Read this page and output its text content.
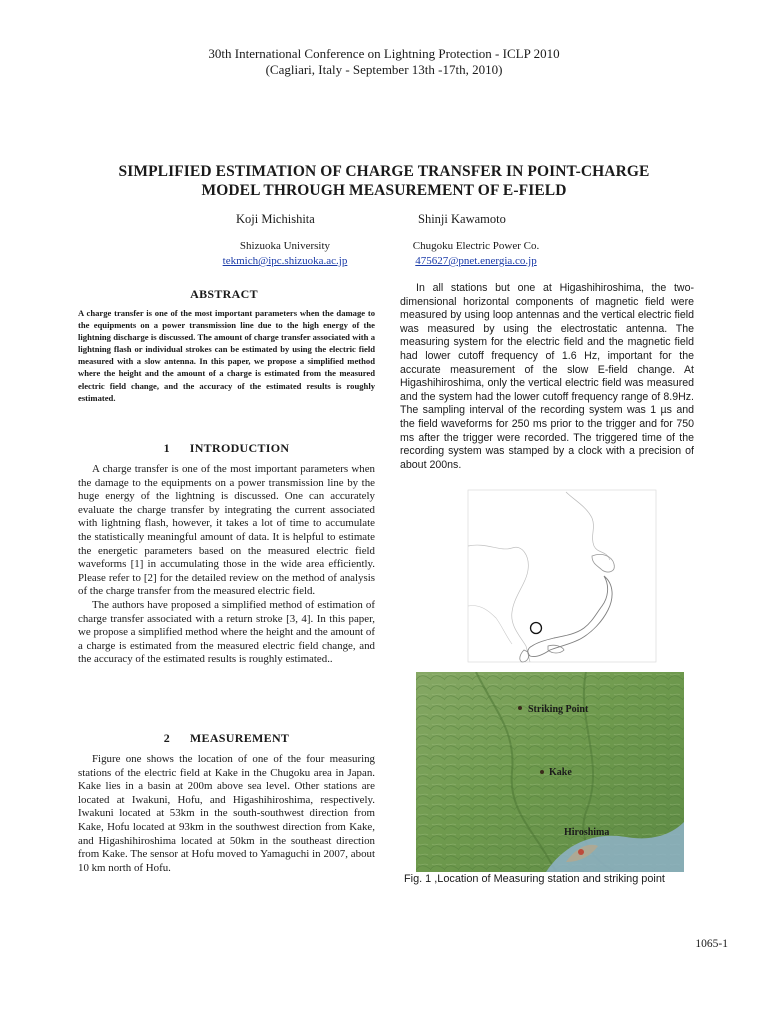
30th International Conference on Lightning Protection - ICLP 2010
(Cagliari, Italy - September 13th -17th, 2010)
SIMPLIFIED ESTIMATION OF CHARGE TRANSFER IN POINT-CHARGE
MODEL THROUGH MEASUREMENT OF E-FIELD
Koji Michishita	Shinji Kawamoto
Shizuoka University	Chugoku Electric Power Co.
tekmich@ipc.shizuoka.ac.jp	475627@pnet.energia.co.jp
ABSTRACT
A charge transfer is one of the most important parameters when the damage to the equipments on a power transmission line due to the high energy of the lightning discharge is discussed. The amount of charge transfer associated with a lightning flash or individual strokes can be estimated by using the electric field measured with a slow antenna. In this paper, we propose a simplified method where the height and the amount of a charge is estimated from the measured electric field change, and the accuracy of the estimated results is roughly estimated.
1 INTRODUCTION

A charge transfer is one of the most important parameters when the damage to the equipments on a power transmission line by the huge energy of the lightning is discussed. One can accurately evaluate the charge transfer by integrating the current associated with lightning flash, however, it takes a lot of time to accumulate the statistically meaningful amount of data. It is helpful to estimate the energetic parameters based on the measured electric field waveforms [1] in accumulating those in the wide area efficiently. Please refer to [2] for the detailed review on the method of analysis of the charge transfer from the measured electric field.

The authors have proposed a simplified method of estimation of charge transfer associated with a return stroke [3, 4]. In this paper, we propose a simplified method where the height and the amount of a charge is estimated from the measured electric field change, and the accuracy of the estimated results is roughly estimated..

2 MEASUREMENT

Figure one shows the location of one of the four measuring stations of the electric field at Kake in the Chugoku area in Japan. Kake lies in a basin at 200m above sea level. Other stations are located at Iwakuni, Hofu, and Higashihiroshima, respectively. Iwakuni located at 53km in the south-southwest direction from Kake, Hofu located at 93km in the southwest direction from Kake, and Higashihiroshima located at 50km in the southeast direction from Kake. The sensor at Hofu moved to Yamaguchi in 2007, about 10 km north of Hofu.

In all stations but one at Higashihiroshima, the two-dimensional horizontal components of magnetic field were measured by using loop antennas and the vertical electric field was measured by using the electrostatic antenna. The measuring system for the electric field and the magnetic field had lower cutoff frequency of 1.6 Hz, important for the accurate measurement of the slow E-field change. At Higashihiroshima, only the vertical electric field was measured and the system had the lower cutoff frequency range of 8.9Hz. The sampling interval of the recording system was 1 µs and the field waveforms for 250 ms prior to the trigger and for 750 ms after the trigger were recorded. The triggered time of the recording system was stamped by a clock with a precision of about 200ns.

Striking Point
Kake
Hiroshima
Fig. 1 ,Location of Measuring station and striking point
1065-1
